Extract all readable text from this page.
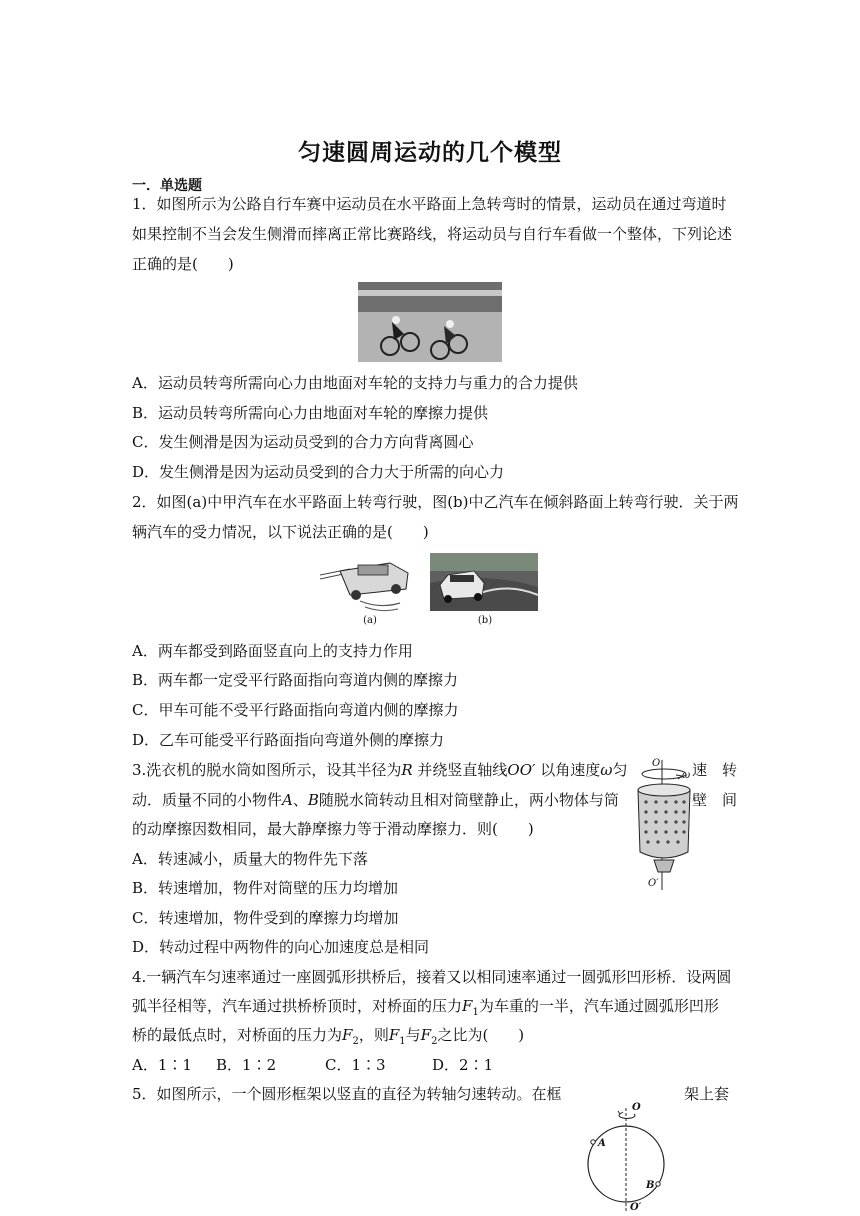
匀速圆周运动的几个模型
一．单选题
1．如图所示为公路自行车赛中运动员在水平路面上急转弯时的情景，运动员在通过弯道时
如果控制不当会发生侧滑而摔离正常比赛路线，将运动员与自行车看做一个整体，下列论述
正确的是(　　)
A．运动员转弯所需向心力由地面对车轮的支持力与重力的合力提供
B．运动员转弯所需向心力由地面对车轮的摩擦力提供
C．发生侧滑是因为运动员受到的合力方向背离圆心
D．发生侧滑是因为运动员受到的合力大于所需的向心力
2．如图(a)中甲汽车在水平路面上转弯行驶，图(b)中乙汽车在倾斜路面上转弯行驶．关于两
辆汽车的受力情况，以下说法正确的是(　　)
(a)	(b)
A．两车都受到路面竖直向上的支持力作用
B．两车都一定受平行路面指向弯道内侧的摩擦力
C．甲车可能不受平行路面指向弯道内侧的摩擦力
D．乙车可能受平行路面指向弯道外侧的摩擦力
3.洗衣机的脱水筒如图所示，设其半径为R 并绕竖直轴线OO′ 以角速度ω匀	速　转
动．质量不同的小物件A、B随脱水筒转动且相对筒壁静止，两小物体与筒	壁　间
的动摩擦因数相同，最大静摩擦力等于滑动摩擦力．则(　　)
O
ω
O′
A．转速减小，质量大的物件先下落
B．转速增加，物件对筒壁的压力均增加
C．转速增加，物件受到的摩擦力均增加
D．转动过程中两物件的向心加速度总是相同
4.一辆汽车匀速率通过一座圆弧形拱桥后，接着又以相同速率通过一圆弧形凹形桥．设两圆
弧半径相等，汽车通过拱桥桥顶时，对桥面的压力$F_1$为车重的一半，汽车通过圆弧形凹形
桥的最低点时，对桥面的压力为$F_2$，则$F_1$与$F_2$之比为(　　)
A．1∶1 B．1∶2	C．1∶3	D．2∶1
5．如图所示，一个圆形框架以竖直的直径为转轴匀速转动。在框	架上套
O
A
B
O′
